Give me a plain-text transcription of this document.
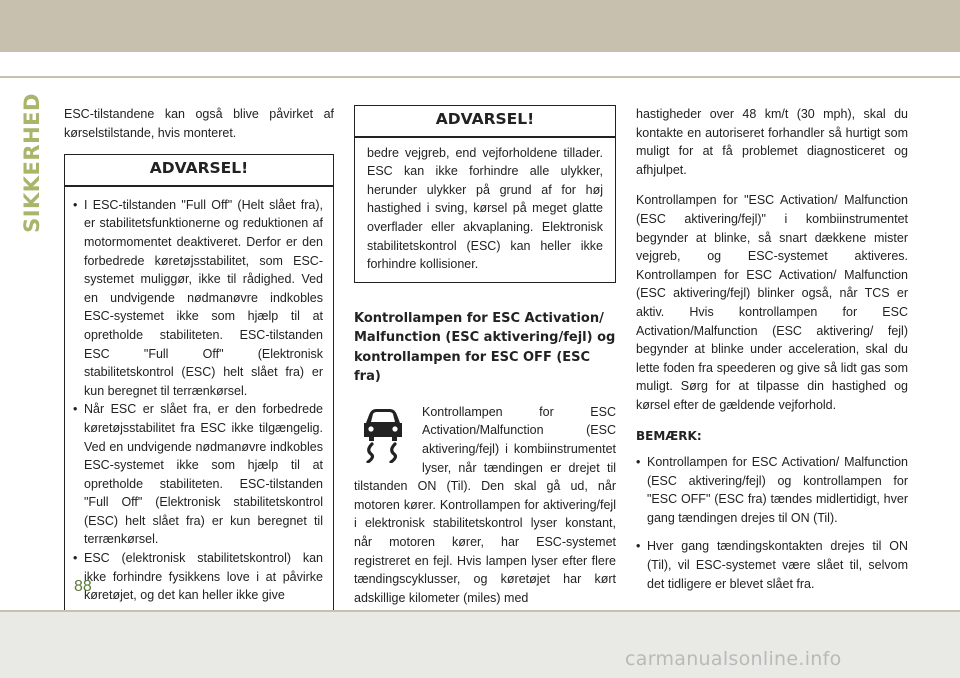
SIKKERHED ESC-tilstandene kan også blive påvirket af kørselstilstande, hvis monteret.

ADVARSEL!
• I ESC-tilstanden "Full Off" (Helt slået fra), er stabilitetsfunktionerne og reduktionen af motormomentet deaktiveret. Derfor er den forbedrede køretøjsstabilitet, som ESC-systemet muliggør, ikke til rådighed. Ved en undvigende nødmanøvre indkobles ESC-systemet ikke som hjælp til at opretholde stabiliteten. ESC-tilstanden ESC "Full Off" (Elektronisk stabilitetskontrol (ESC) helt slået fra) er kun beregnet til terrænkørsel.
• Når ESC er slået fra, er den forbedrede køretøjsstabilitet fra ESC ikke tilgængelig. Ved en undvigende nødmanøvre indkobles ESC-systemet ikke som hjælp til at opretholde stabiliteten. ESC-tilstanden "Full Off" (Elektronisk stabilitetskontrol (ESC) helt slået fra) er kun beregnet til terrænkørsel.
• ESC (elektronisk stabilitetskontrol) kan ikke forhindre fysikkens love i at påvirke køretøjet, og det kan heller ikke give
ADVARSEL!
bedre vejgreb, end vejforholdene tillader. ESC kan ikke forhindre alle ulykker, herunder ulykker på grund af for høj hastighed i sving, kørsel på meget glatte overflader eller akvaplaning. Elektronisk stabilitetskontrol (ESC) kan heller ikke forhindre kollisioner.
Kontrollampen for ESC Activation/ Malfunction (ESC aktivering/fejl) og kontrollampen for ESC OFF (ESC fra)

Kontrollampen for ESC Activation/Malfunction (ESC aktivering/fejl) i kombiinstrumentet lyser, når tændingen er drejet til tilstanden ON (Til). Den skal gå ud, når motoren kører. Kontrollampen for aktivering/fejl i elektronisk stabilitetskontrol lyser konstant, når motoren kører, har ESC-systemet registreret en fejl. Hvis lampen lyser efter flere tændingscyklusser, og køretøjet har kørt adskillige kilometer (miles) med

hastigheder over 48 km/t (30 mph), skal du kontakte en autoriseret forhandler så hurtigt som muligt for at få problemet diagnosticeret og afhjulpet.

Kontrollampen for "ESC Activation/ Malfunction (ESC aktivering/fejl)" i kombiinstrumentet begynder at blinke, så snart dækkene mister vejgreb, og ESC-systemet aktiveres. Kontrollampen for ESC Activation/ Malfunction (ESC aktivering/fejl) blinker også, når TCS er aktiv. Hvis kontrollampen for ESC Activation/Malfunction (ESC aktivering/ fejl) begynder at blinke under acceleration, skal du lette foden fra speederen og give så lidt gas som muligt. Sørg for at tilpasse din hastighed og kørsel efter de gældende vejforhold.

BEMÆRK:
• Kontrollampen for ESC Activation/ Malfunction (ESC aktivering/fejl) og kontrollampen for "ESC OFF" (ESC fra) tændes midlertidigt, hver gang tændingen drejes til ON (Til).
• Hver gang tændingskontakten drejes til ON (Til), vil ESC-systemet være slået til, selvom det tidligere er blevet slået fra.
88
carmanualsonline.info
